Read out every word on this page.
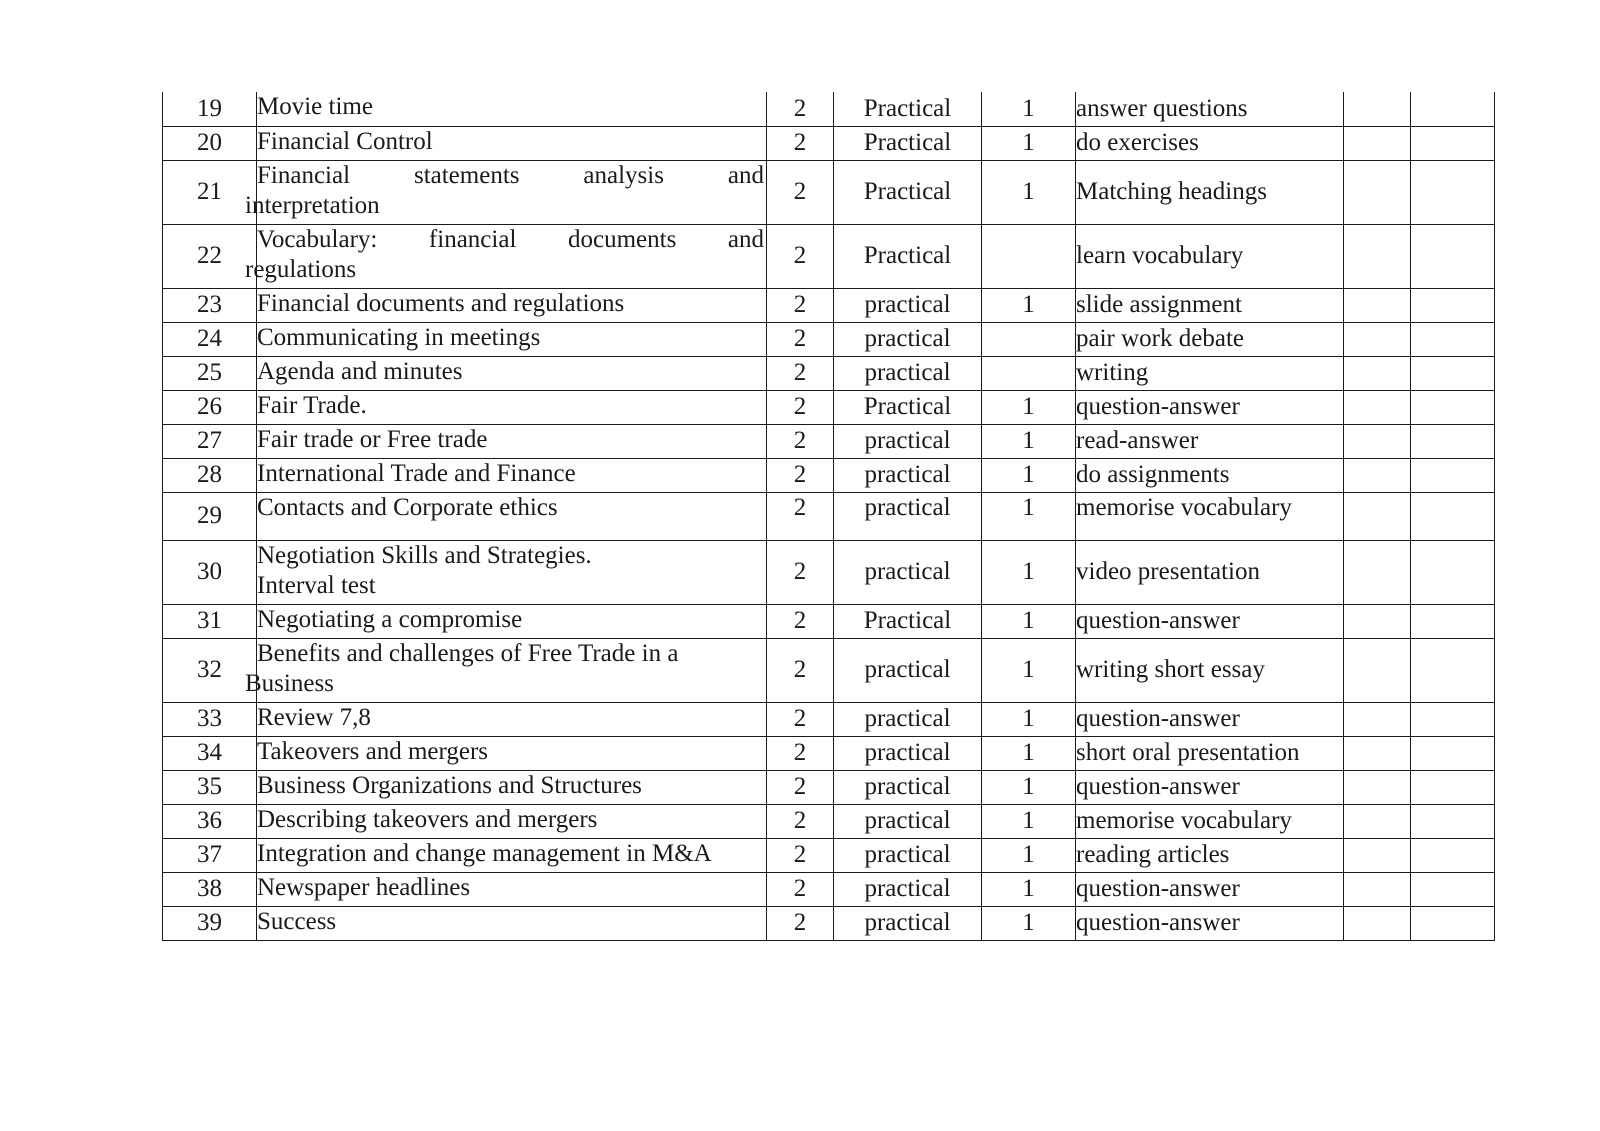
19	Movie time	2	Practical	1	answer questions		
20	Financial Control	2	Practical	1	do exercises		
21	Financial statements analysis and
interpretation	2	Practical	1	Matching headings		
22	Vocabulary: financial documents and
regulations	2	Practical		learn vocabulary		
23	Financial documents and regulations	2	practical	1	slide assignment		
24	Communicating in meetings	2	practical		pair work debate		
25	Agenda and minutes	2	practical		writing		
26	Fair Trade.	2	Practical	1	question-answer		
27	Fair trade or Free trade	2	practical	1	read-answer		
28	International Trade and Finance	2	practical	1	do assignments		
29	Contacts and Corporate ethics	2	practical	1	memorise vocabulary		
30	Negotiation Skills and Strategies.
Interval test	2	practical	1	video presentation		
31	Negotiating a compromise	2	Practical	1	question-answer		
32	Benefits and challenges of Free Trade in a
Business	2	practical	1	writing short essay		
33	Review 7,8	2	practical	1	question-answer		
34	Takeovers and mergers	2	practical	1	short oral presentation		
35	Business Organizations and Structures	2	practical	1	question-answer		
36	Describing takeovers and mergers	2	practical	1	memorise vocabulary		
37	Integration and change management in M&A	2	practical	1	reading articles		
38	Newspaper headlines	2	practical	1	question-answer		
39	Success	2	practical	1	question-answer		
